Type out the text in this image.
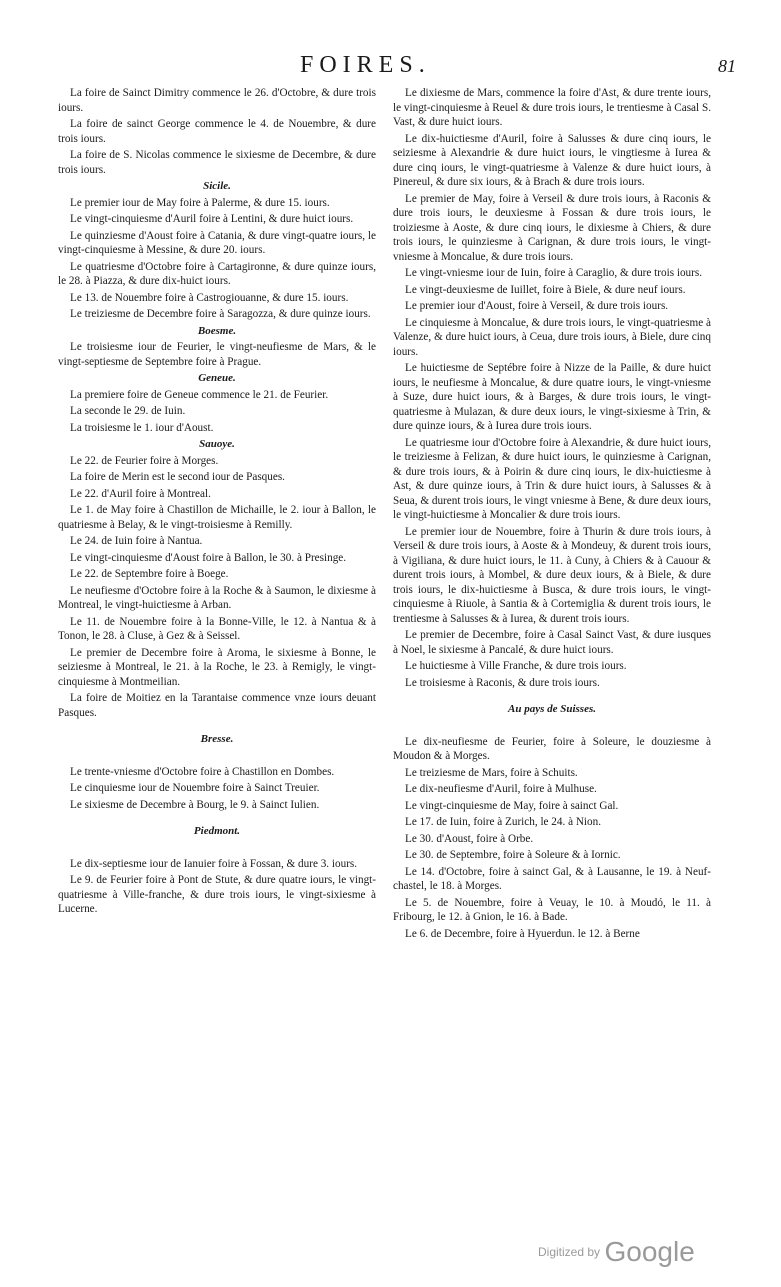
FOIRES.	81
La foire de Sainct Dimitry commence le 26. d'Octobre, & dure trois iours.
La foire de sainct George commence le 4. de Nouembre, & dure trois iours.
La foire de S. Nicolas commence le sixiesme de Decembre, & dure trois iours.
Sicile.
Le premier iour de May foire à Palerme, & dure 15. iours.
Le vingt-cinquiesme d'Auril foire à Lentini, & dure huict iours.
Le quinziesme d'Aoust foire à Catania, & dure vingt-quatre iours, le vingt-cinquiesme à Messine, & dure 20. iours.
Le quatriesme d'Octobre foire à Cartagironne, & dure quinze iours, le 28. à Piazza, & dure dix-huict iours.
Le 13. de Nouembre foire à Castrogiouanne, & dure 15. iours.
Le treiziesme de Decembre foire à Saragozza, & dure quinze iours.
Boesme.
Le troisiesme iour de Feurier, le vingt-neufiesme de Mars, & le vingt-septiesme de Septembre foire à Prague.
Geneue.
La premiere foire de Geneue commence le 21. de Feurier.
La seconde le 29. de Iuin.
La troisiesme le 1. iour d'Aoust.
Sauoye.
Le 22. de Feurier foire à Morges.
La foire de Merin est le second iour de Pasques.
Le 22. d'Auril foire à Montreal.
Le 1. de May foire à Chastillon de Michaille, le 2. iour à Ballon, le quatriesme à Belay, & le vingt-troisiesme à Remilly.
Le 24. de Iuin foire à Nantua.
Le vingt-cinquiesme d'Aoust foire à Ballon, le 30. à Presinge.
Le 22. de Septembre foire à Boege.
Le neufiesme d'Octobre foire à la Roche & à Saumon, le dixiesme à Montreal, le vingt-huictiesme à Arban.
Le 11. de Nouembre foire à la Bonne-Ville, le 12. à Nantua & à Tonon, le 28. à Cluse, à Gez & à Seissel.
Le premier de Decembre foire à Aroma, le sixiesme à Bonne, le seiziesme à Montreal, le 21. à la Roche, le 23. à Remigly, le vingt-cinquiesme à Montmeilian.
La foire de Moitiez en la Tarantaise commence vnze iours deuant Pasques.
Bresse.
Le trente-vniesme d'Octobre foire à Chastillon en Dombes.
Le cinquiesme iour de Nouembre foire à Sainct Treuier.
Le sixiesme de Decembre à Bourg, le 9. à Sainct Iulien.
Piedmont.
Le dix-septiesme iour de Ianuier foire à Fossan, & dure 3. iours.
Le 9. de Feurier foire à Pont de Stute, & dure quatre iours, le vingt-quatriesme à Ville-franche, & dure trois iours, le vingt-sixiesme à Lucerne.
Le dixiesme de Mars, commence la foire d'Ast, & dure trente iours, le vingt-cinquiesme à Reuel & dure trois iours, le trentiesme à Casal S. Vast, & dure huict iours.
Le dix-huictiesme d'Auril, foire à Salusses & dure cinq iours, le seiziesme à Alexandrie & dure huict iours, le vingtiesme à Iurea & dure cinq iours, le vingt-quatriesme à Valenze & dure huict iours, à Pinereul, & dure six iours, & à Brach & dure trois iours.
Le premier de May, foire à Verseil & dure trois iours, à Raconis & dure trois iours, le deuxiesme à Fossan & dure trois iours, le troiziesme à Aoste, & dure cinq iours, le dixiesme à Chiers, & dure trois iours, le quinziesme à Carignan, & dure trois iours, le vingt-vniesme à Moncalue, & dure trois iours.
Le vingt-vniesme iour de Iuin, foire à Caraglio, & dure trois iours.
Le vingt-deuxiesme de Iuillet, foire à Biele, & dure neuf iours.
Le premier iour d'Aoust, foire à Verseil, & dure trois iours.
Le cinquiesme à Moncalue, & dure trois iours, le vingt-quatriesme à Valenze, & dure huict iours, à Ceua, dure trois iours, à Biele, dure cinq iours.
Le huictiesme de Septébre foire à Nizze de la Paille, & dure huict iours, le neufiesme à Moncalue, & dure quatre iours, le vingt-vniesme à Suze, dure huict iours, & à Barges, & dure trois iours, le vingt-quatriesme à Mulazan, & dure deux iours, le vingt-sixiesme à Trin, & dure quinze iours, & à Iurea dure trois iours.
Le quatriesme iour d'Octobre foire à Alexandrie, & dure huict iours, le treiziesme à Felizan, & dure huict iours, le quinziesme à Carignan, & dure trois iours, & à Poirin & dure cinq iours, le dix-huictiesme à Ast, & dure quinze iours, à Trin & dure huict iours, à Salusses & à Seua, & durent trois iours, le vingt vniesme à Bene, & dure deux iours, le vingt-huictiesme à Moncalier & dure trois iours.
Le premier iour de Nouembre, foire à Thurin & dure trois iours, à Verseil & dure trois iours, à Aoste & à Mondeuy, & durent trois iours, à Vigiliana, & dure huict iours, le 11. à Cuny, à Chiers & à Cauour & durent trois iours, à Mombel, & dure deux iours, & à Biele, & dure trois iours, le dix-huictiesme à Busca, & dure trois iours, le vingt-cinquiesme à Riuole, à Santia & à Cortemiglia & durent trois iours, le trentiesme à Salusses & à Iurea, & durent trois iours.
Le premier de Decembre, foire à Casal Sainct Vast, & dure iusques à Noel, le sixiesme à Pancalé, & dure huict iours.
Le huictiesme à Ville Franche, & dure trois iours.
Le troisiesme à Raconis, & dure trois iours.
Au pays de Suisses.
Le dix-neufiesme de Feurier, foire à Soleure, le douziesme à Moudon & à Morges.
Le treiziesme de Mars, foire à Schuits.
Le dix-neufiesme d'Auril, foire à Mulhuse.
Le vingt-cinquiesme de May, foire à sainct Gal.
Le 17. de Iuin, foire à Zurich, le 24. à Nion.
Le 30. d'Aoust, foire à Orbe.
Le 30. de Septembre, foire à Soleure & à Iornic.
Le 14. d'Octobre, foire à sainct Gal, & à Lausanne, le 19. à Neuf-chastel, le 18. à Morges.
Le 5. de Nouembre, foire à Veuay, le 10. à Moudó, le 11. à Fribourg, le 12. à Gnion, le 16. à Bade.
Le 6. de Decembre, foire à Hyuerdun. le 12. à Berne
Digitized by Google
